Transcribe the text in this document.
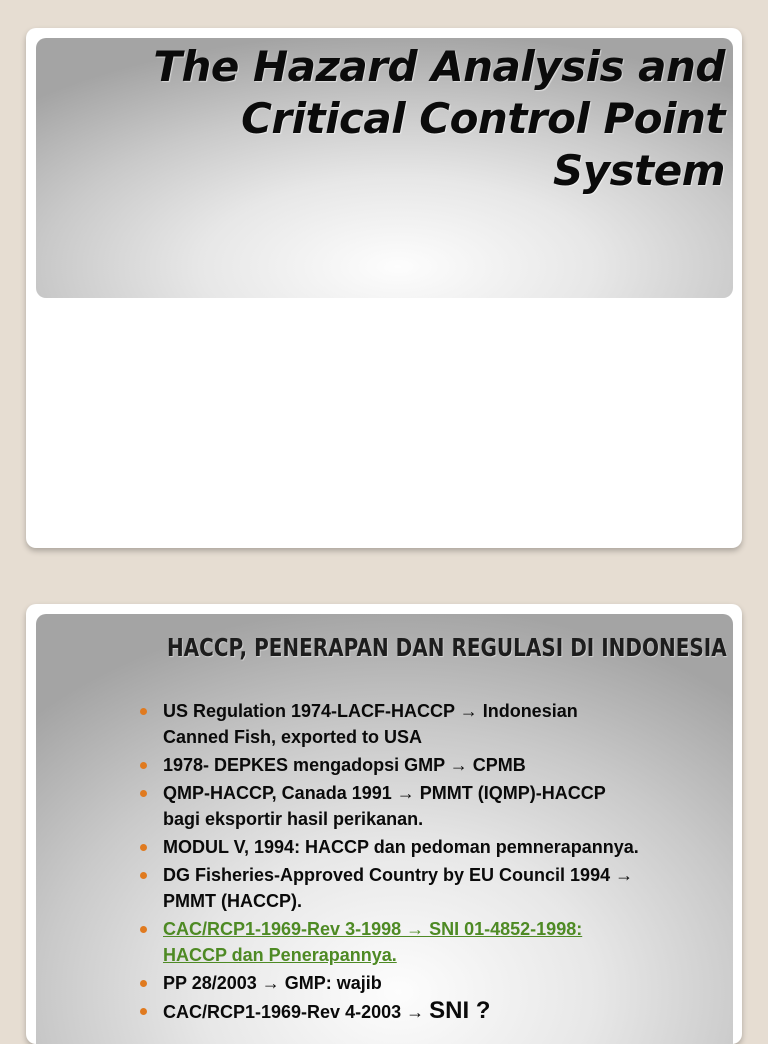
The Hazard Analysis and
Critical Control Point
System
HACCP, PENERAPAN DAN REGULASI DI INDONESIA
US Regulation 1974-LACF-HACCP → Indonesian
Canned Fish, exported to USA
1978- DEPKES mengadopsi GMP → CPMB
QMP-HACCP, Canada 1991 → PMMT (IQMP)-HACCP
bagi eksportir hasil perikanan.
MODUL V, 1994: HACCP dan pedoman pemnerapannya.
DG Fisheries-Approved Country by EU Council 1994 →
PMMT (HACCP).
CAC/RCP1-1969-Rev 3-1998 → SNI 01-4852-1998:
HACCP dan Penerapannya.
PP 28/2003 → GMP: wajib
CAC/RCP1-1969-Rev 4-2003 → SNI ?
